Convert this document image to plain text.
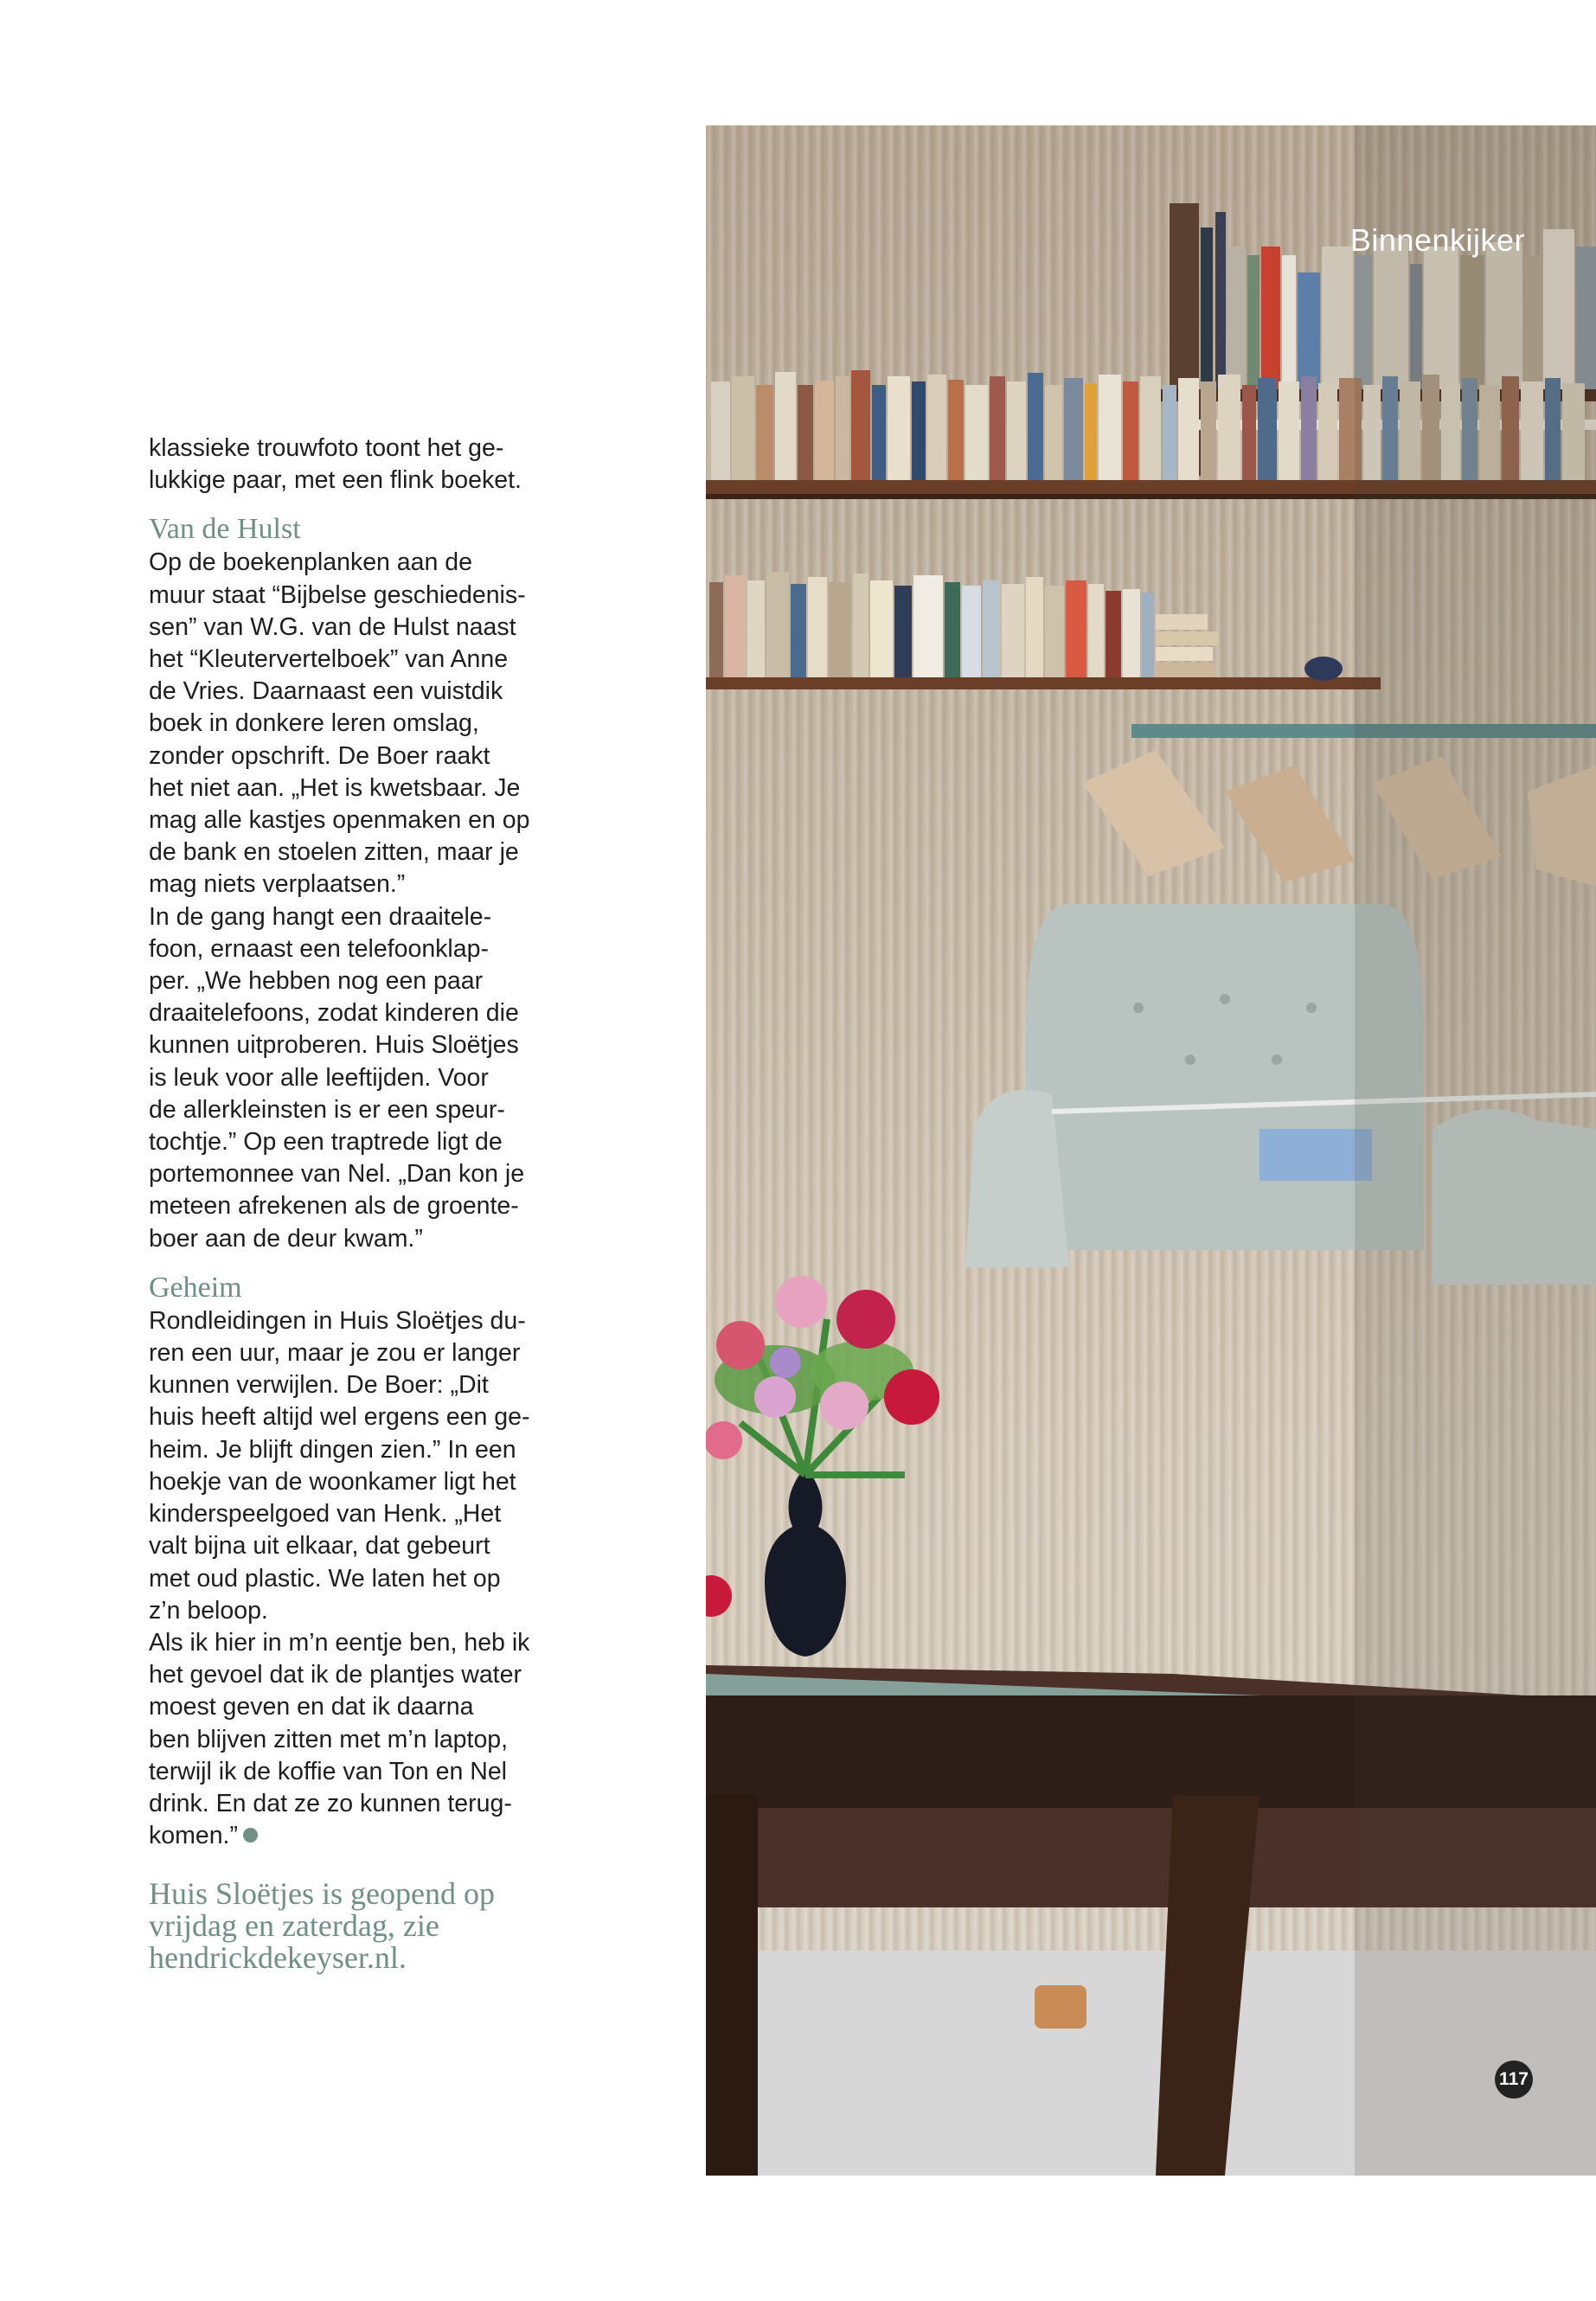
klassieke trouwfoto toont het ge-
lukkige paar, met een flink boeket.

Van de Hulst

Op de boekenplanken aan de
muur staat “Bijbelse geschiedenis-
sen” van W.G. van de Hulst naast
het “Kleutervertelboek” van Anne
de Vries. Daarnaast een vuistdik
boek in donkere leren omslag,
zonder opschrift. De Boer raakt
het niet aan. „Het is kwetsbaar. Je
mag alle kastjes openmaken en op
de bank en stoelen zitten, maar je
mag niets verplaatsen.”

In de gang hangt een draaitele-
foon, ernaast een telefoonklap-
per. „We hebben nog een paar
draaitelefoons, zodat kinderen die
kunnen uitproberen. Huis Sloëtjes
is leuk voor alle leeftijden. Voor
de allerkleinsten is er een speur-
tochtje.” Op een traptrede ligt de
portemonnee van Nel. „Dan kon je
meteen afrekenen als de groente-
boer aan de deur kwam.”

Geheim

Rondleidingen in Huis Sloëtjes du-
ren een uur, maar je zou er langer
kunnen verwijlen. De Boer: „Dit
huis heeft altijd wel ergens een ge-
heim. Je blijft dingen zien.” In een
hoekje van de woonkamer ligt het
kinderspeelgoed van Henk. „Het
valt bijna uit elkaar, dat gebeurt
met oud plastic. We laten het op
z’n beloop.

Als ik hier in m’n eentje ben, heb ik
het gevoel dat ik de plantjes water
moest geven en dat ik daarna
ben blijven zitten met m’n laptop,
terwijl ik de koffie van Ton en Nel
drink. En dat ze zo kunnen terug-
komen.”

Huis Sloëtjes is geopend op
vrijdag en zaterdag, zie
hendrickdekeyser.nl.

Binnenkijker
117
